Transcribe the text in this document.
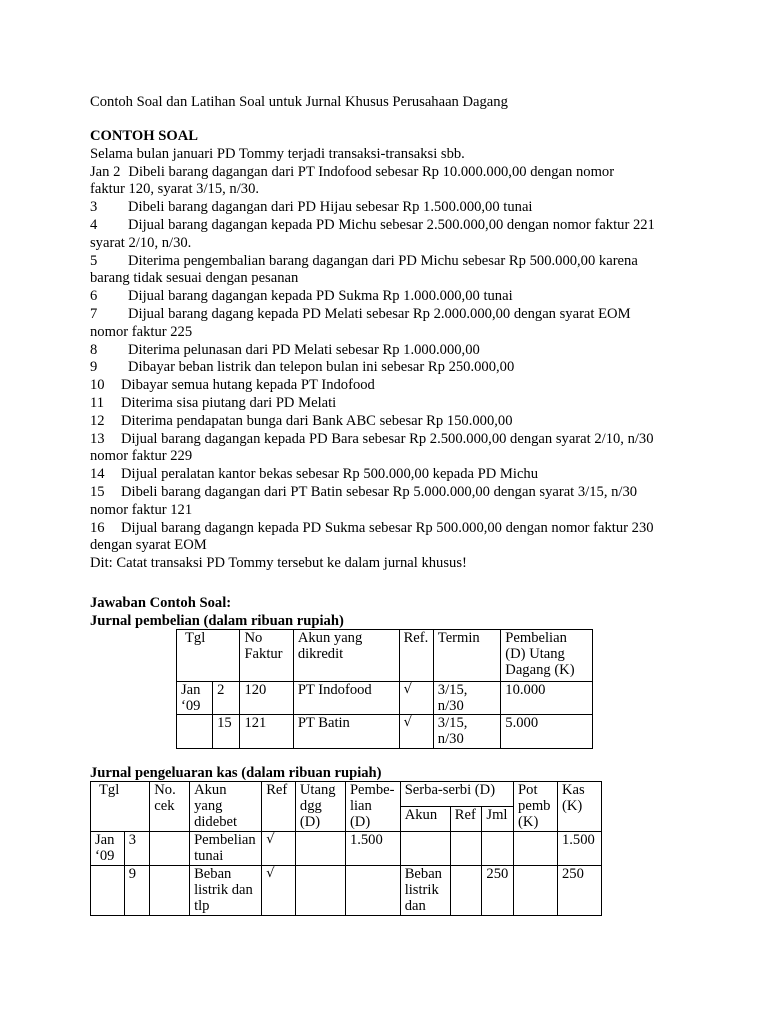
Contoh Soal dan Latihan Soal untuk Jurnal Khusus Perusahaan Dagang
CONTOH SOAL
Selama bulan januari PD Tommy terjadi transaksi-transaksi sbb.
Jan 2 Dibeli barang dagangan dari PT Indofood sebesar Rp 10.000.000,00 dengan nomor
faktur 120, syarat 3/15, n/30.
3 Dibeli barang dagangan dari PD Hijau sebesar Rp 1.500.000,00 tunai
4 Dijual barang dagangan kepada PD Michu sebesar 2.500.000,00 dengan nomor faktur 221
syarat 2/10, n/30.
5 Diterima pengembalian barang dagangan dari PD Michu sebesar Rp 500.000,00 karena
barang tidak sesuai dengan pesanan
6 Dijual barang dagangan kepada PD Sukma Rp 1.000.000,00 tunai
7 Dijual barang dagang kepada PD Melati sebesar Rp 2.000.000,00 dengan syarat EOM
nomor faktur 225
8 Diterima pelunasan dari PD Melati sebesar Rp 1.000.000,00
9 Dibayar beban listrik dan telepon bulan ini sebesar Rp 250.000,00
10 Dibayar semua hutang kepada PT Indofood
11 Diterima sisa piutang dari PD Melati
12 Diterima pendapatan bunga dari Bank ABC sebesar Rp 150.000,00
13 Dijual barang dagangan kepada PD Bara sebesar Rp 2.500.000,00 dengan syarat 2/10, n/30
nomor faktur 229
14 Dijual peralatan kantor bekas sebesar Rp 500.000,00 kepada PD Michu
15 Dibeli barang dagangan dari PT Batin sebesar Rp 5.000.000,00 dengan syarat 3/15, n/30
nomor faktur 121
16 Dijual barang dagangn kepada PD Sukma sebesar Rp 500.000,00 dengan nomor faktur 230
dengan syarat EOM
Dit: Catat transaksi PD Tommy tersebut ke dalam jurnal khusus!
Jawaban Contoh Soal:
Jurnal pembelian (dalam ribuan rupiah)
Tgl		No Faktur	Akun yang dikredit	Ref.	Termin	Pembelian (D) Utang Dagang (K)
Jan ‘09	2	120	PT Indofood	√	3/15, n/30	10.000
	15	121	PT Batin	√	3/15, n/30	5.000
Jurnal pengeluaran kas (dalam ribuan rupiah)
Tgl		No. cek	Akun yang didebet	Ref	Utang dgg (D)	Pembe-lian (D)	Serba-serbi (D)			Pot pemb (K)	Kas (K)
							Akun	Ref	Jml		
Jan ‘09	3		Pembelian tunai	√		1.500					1.500
	9		Beban listrik dan tlp	√			Beban listrik dan		250		250
